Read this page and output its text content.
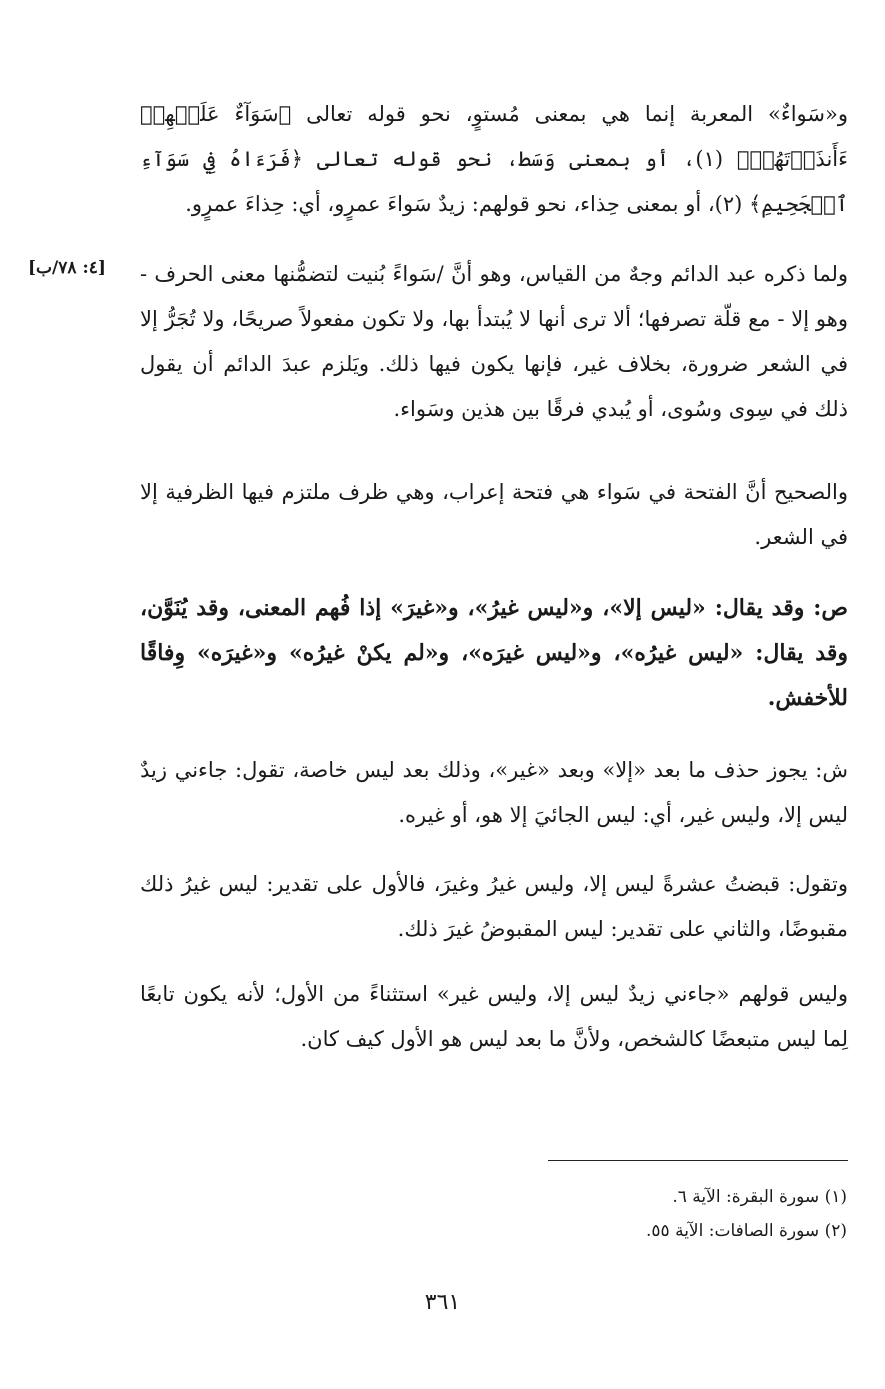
و«سَواءٌ» المعربة إنما هي بمعنى مُستوٍ، نحو قوله تعالى ﴿سَوَآءٌ عَلَيۡهِمۡ ءَأَنذَرۡتَهُمۡ﴾ (١)، أو بمعنى وَسَط، نحو قوله تعالى ﴿فَرَءَاهُ فِي سَوَآءِ ٱلۡجَحِيمِ﴾ (٢)، أو بمعنى حِذاء، نحو قولهم: زيدٌ سَواءَ عمرٍو، أي: حِذاءَ عمرٍو.

ولما ذكره عبد الدائم وجهٌ من القياس، وهو أنَّ /سَواءً بُنيت لتضمُّنها معنى الحرف - وهو إلا - مع قلّة تصرفها؛ ألا ترى أنها لا يُبتدأ بها، ولا تكون مفعولاً صريحًا، ولا تُجَرُّ إلا في الشعر ضرورة، بخلاف غير، فإنها يكون فيها ذلك. ويَلزم عبدَ الدائم أن يقول ذلك في سِوى وسُوى، أو يُبدي فرقًا بين هذين وسَواء.

والصحيح أنَّ الفتحة في سَواء هي فتحة إعراب، وهي ظرف ملتزم فيها الظرفية إلا في الشعر.

ص: وقد يقال: «ليس إلا»، و«ليس غيرُ»، و«غيرَ» إذا فُهم المعنى، وقد يُنَوَّن، وقد يقال: «ليس غيرُه»، و«ليس غيرَه»، و«لم يكنْ غيرُه» و«غيرَه» وِفاقًا للأخفش.

ش: يجوز حذف ما بعد «إلا» وبعد «غير»، وذلك بعد ليس خاصة، تقول: جاءني زيدٌ ليس إلا، وليس غير، أي: ليس الجائيَ إلا هو، أو غيره.

وتقول: قبضتُ عشرةً ليس إلا، وليس غيرُ وغيرَ، فالأول على تقدير: ليس غيرُ ذلك مقبوضًا، والثاني على تقدير: ليس المقبوضُ غيرَ ذلك.

وليس قولهم «جاءني زيدٌ ليس إلا، وليس غير» استثناءً من الأول؛ لأنه يكون تابعًا لِما ليس متبعضًا كالشخص، ولأنَّ ما بعد ليس هو الأول كيف كان.

[٤: ٧٨/ب]
(١) سورة البقرة: الآية ٦.
(٢) سورة الصافات: الآية ٥٥.
٣٦١
